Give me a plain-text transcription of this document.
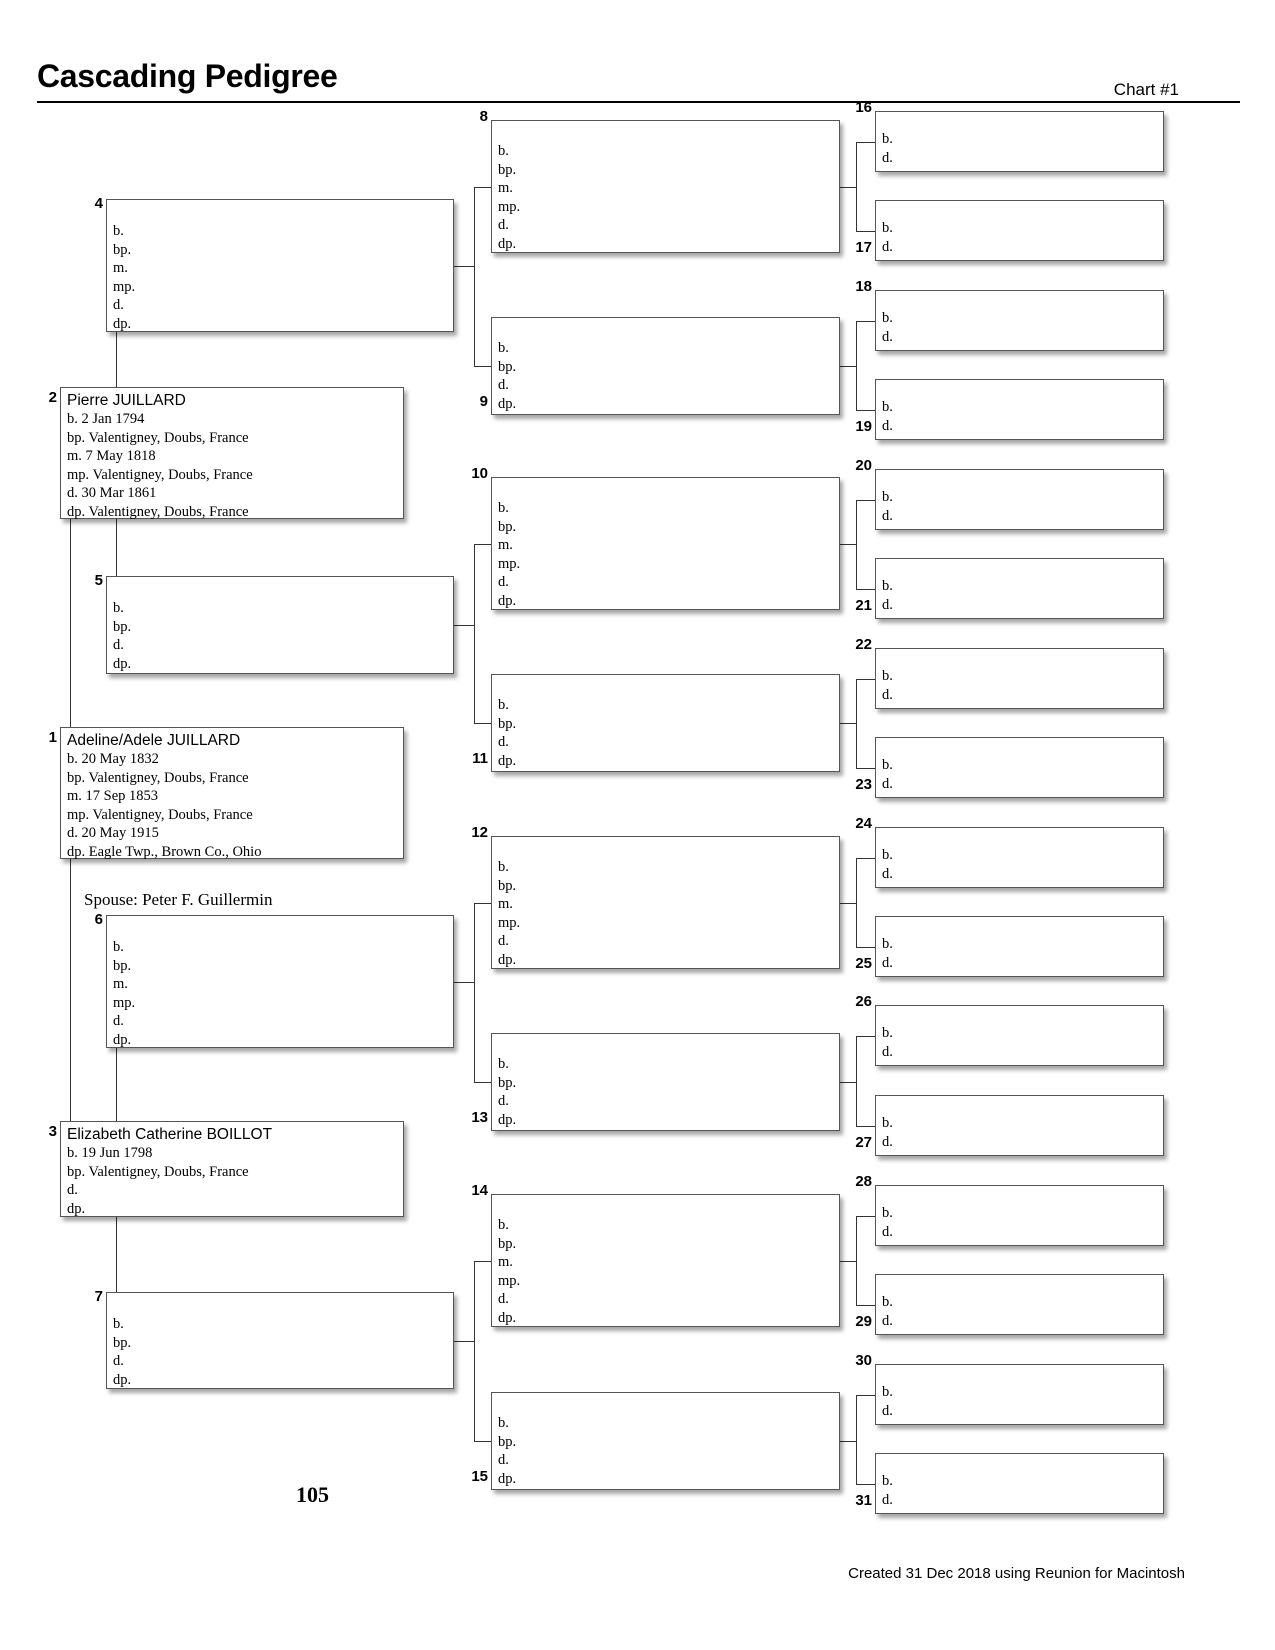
Cascading Pedigree	Chart #1
Adeline/Adele JUILLARD
b. 20 May 1832
bp. Valentigney, Doubs, France
m. 17 Sep 1853
mp. Valentigney, Doubs, France
d. 20 May 1915
dp. Eagle Twp., Brown Co., Ohio
1
Pierre JUILLARD
b. 2 Jan 1794
bp. Valentigney, Doubs, France
m. 7 May 1818
mp. Valentigney, Doubs, France
d. 30 Mar 1861
dp. Valentigney, Doubs, France
2
Elizabeth Catherine BOILLOT
b. 19 Jun 1798
bp. Valentigney, Doubs, France
d.
dp.
3
b.
bp.
m.
mp.
d.
dp.
4
b.
bp.
d.
dp.
5
b.
bp.
m.
mp.
d.
dp.
6
b.
bp.
d.
dp.
7
b.
bp.
m.
mp.
d.
dp.
8
b.
bp.
d.
dp.
9
b.
bp.
m.
mp.
d.
dp.
10
b.
bp.
d.
dp.
11
b.
bp.
m.
mp.
d.
dp.
12
b.
bp.
d.
dp.
13
b.
bp.
m.
mp.
d.
dp.
14
b.
bp.
d.
dp.
15
b.
d.
16
b.
d.
17
b.
d.
18
b.
d.
19
b.
d.
20
b.
d.
21
b.
d.
22
b.
d.
23
b.
d.
24
b.
d.
25
b.
d.
26
b.
d.
27
b.
d.
28
b.
d.
29
b.
d.
30
b.
d.
31
Spouse: Peter F. Guillermin
105
Created 31 Dec 2018 using Reunion for Macintosh
